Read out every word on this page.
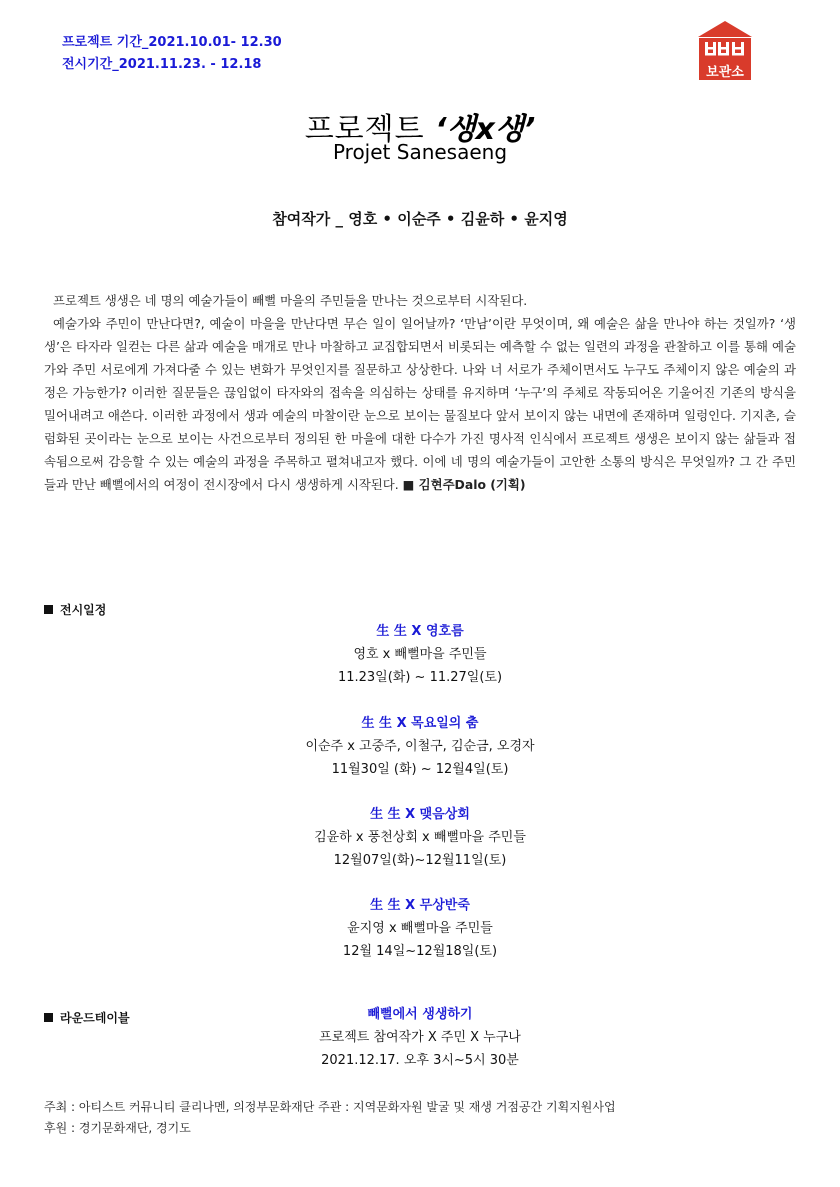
프로젝트 기간_2021.10.01- 12.30
전시기간_2021.11.23. - 12.18
보관소
프로젝트 ‘생x생’
Projet Sanesaeng
참여작가 _ 영호 • 이순주 • 김윤하 • 윤지영

프로젝트 생생은 네 명의 예술가들이 빼뻘 마을의 주민들을 만나는 것으로부터 시작된다.

예술가와 주민이 만난다면?, 예술이 마을을 만난다면 무슨 일이 일어날까? ‘만남’이란 무엇이며, 왜 예술은 삶을 만나야 하는 것일까? ‘생생’은 타자라 일컫는 다른 삶과 예술을 매개로 만나 마찰하고 교집합되면서 비롯되는 예측할 수 없는 일련의 과정을 관찰하고 이를 통해 예술가와 주민 서로에게 가져다줄 수 있는 변화가 무엇인지를 질문하고 상상한다. 나와 너 서로가 주체이면서도 누구도 주체이지 않은 예술의 과정은 가능한가? 이러한 질문들은 끊임없이 타자와의 접속을 의심하는 상태를 유지하며 ‘누구’의 주체로 작동되어온 기울어진 기존의 방식을 밀어내려고 애쓴다. 이러한 과정에서 생과 예술의 마찰이란 눈으로 보이는 물질보다 앞서 보이지 않는 내면에 존재하며 일렁인다. 기지촌, 슬럼화된 곳이라는 눈으로 보이는 사건으로부터 정의된 한 마을에 대한 다수가 가진 명사적 인식에서 프로젝트 생생은 보이지 않는 삶들과 접속됨으로써 감응할 수 있는 예술의 과정을 주목하고 펼쳐내고자 했다. 이에 네 명의 예술가들이 고안한 소통의 방식은 무엇일까? 그 간 주민들과 만난 빼뻘에서의 여정이 전시장에서 다시 생생하게 시작된다. ■ 김현주Dalo (기획)

전시일정
生 生 X 영호름
영호 x 빼뻘마을 주민들
11.23일(화) ~ 11.27일(토)
生 生 X 목요일의 춤
이순주 x 고중주, 이철구, 김순금, 오경자
11월30일 (화) ~ 12월4일(토)
生 生 X 맺음상회
김윤하 x 풍천상회 x 빼뻘마을 주민들
12월07일(화)~12월11일(토)
生 生 X 무상반죽
윤지영 x 빼뻘마을 주민들
12월 14일~12월18일(토)
라운드테이블	빼뻘에서 생생하기
프로젝트 참여작가 X 주민 X 누구나
2021.12.17. 오후 3시~5시 30분
주최 : 아티스트 커뮤니티 클리나멘, 의정부문화재단 주관 : 지역문화자원 발굴 및 재생 거점공간 기획지원사업
후원 : 경기문화재단, 경기도
